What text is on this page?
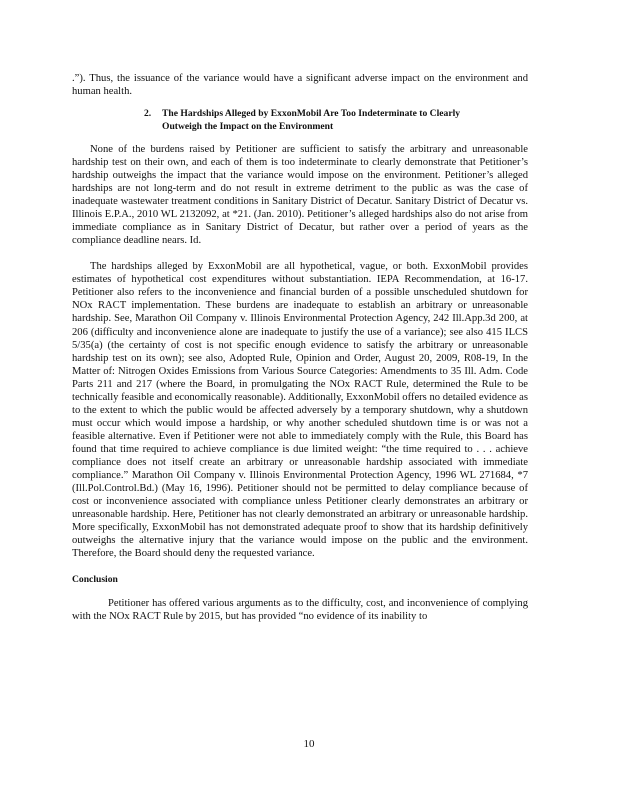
.”). Thus, the issuance of the variance would have a significant adverse impact on the environment and human health.

2. The Hardships Alleged by ExxonMobil Are Too Indeterminate to Clearly
Outweigh the Impact on the Environment

None of the burdens raised by Petitioner are sufficient to satisfy the arbitrary and unreasonable hardship test on their own, and each of them is too indeterminate to clearly demonstrate that Petitioner’s hardship outweighs the impact that the variance would impose on the environment. Petitioner’s alleged hardships are not long-term and do not result in extreme detriment to the public as was the case of inadequate wastewater treatment conditions in Sanitary District of Decatur. Sanitary District of Decatur vs. Illinois E.P.A., 2010 WL 2132092, at *21. (Jan. 2010). Petitioner’s alleged hardships also do not arise from immediate compliance as in Sanitary District of Decatur, but rather over a period of years as the compliance deadline nears. Id.

The hardships alleged by ExxonMobil are all hypothetical, vague, or both. ExxonMobil provides estimates of hypothetical cost expenditures without substantiation. IEPA Recommendation, at 16-17. Petitioner also refers to the inconvenience and financial burden of a possible unscheduled shutdown for NOx RACT implementation. These burdens are inadequate to establish an arbitrary or unreasonable hardship. See, Marathon Oil Company v. Illinois Environmental Protection Agency, 242 Ill.App.3d 200, at 206 (difficulty and inconvenience alone are inadequate to justify the use of a variance); see also 415 ILCS 5/35(a) (the certainty of cost is not specific enough evidence to satisfy the arbitrary or unreasonable hardship test on its own); see also, Adopted Rule, Opinion and Order, August 20, 2009, R08-19, In the Matter of: Nitrogen Oxides Emissions from Various Source Categories: Amendments to 35 Ill. Adm. Code Parts 211 and 217 (where the Board, in promulgating the NOx RACT Rule, determined the Rule to be technically feasible and economically reasonable). Additionally, ExxonMobil offers no detailed evidence as to the extent to which the public would be affected adversely by a temporary shutdown, why a shutdown must occur which would impose a hardship, or why another scheduled shutdown time is or was not a feasible alternative. Even if Petitioner were not able to immediately comply with the Rule, this Board has found that time required to achieve compliance is due limited weight: “the time required to . . . achieve compliance does not itself create an arbitrary or unreasonable hardship associated with immediate compliance.” Marathon Oil Company v. Illinois Environmental Protection Agency, 1996 WL 271684, *7 (Ill.Pol.Control.Bd.) (May 16, 1996). Petitioner should not be permitted to delay compliance because of cost or inconvenience associated with compliance unless Petitioner clearly demonstrates an arbitrary or unreasonable hardship. Here, Petitioner has not clearly demonstrated an arbitrary or unreasonable hardship. More specifically, ExxonMobil has not demonstrated adequate proof to show that its hardship definitively outweighs the alternative injury that the variance would impose on the public and the environment. Therefore, the Board should deny the requested variance.

Conclusion

Petitioner has offered various arguments as to the difficulty, cost, and inconvenience of complying with the NOx RACT Rule by 2015, but has provided “no evidence of its inability to

10
